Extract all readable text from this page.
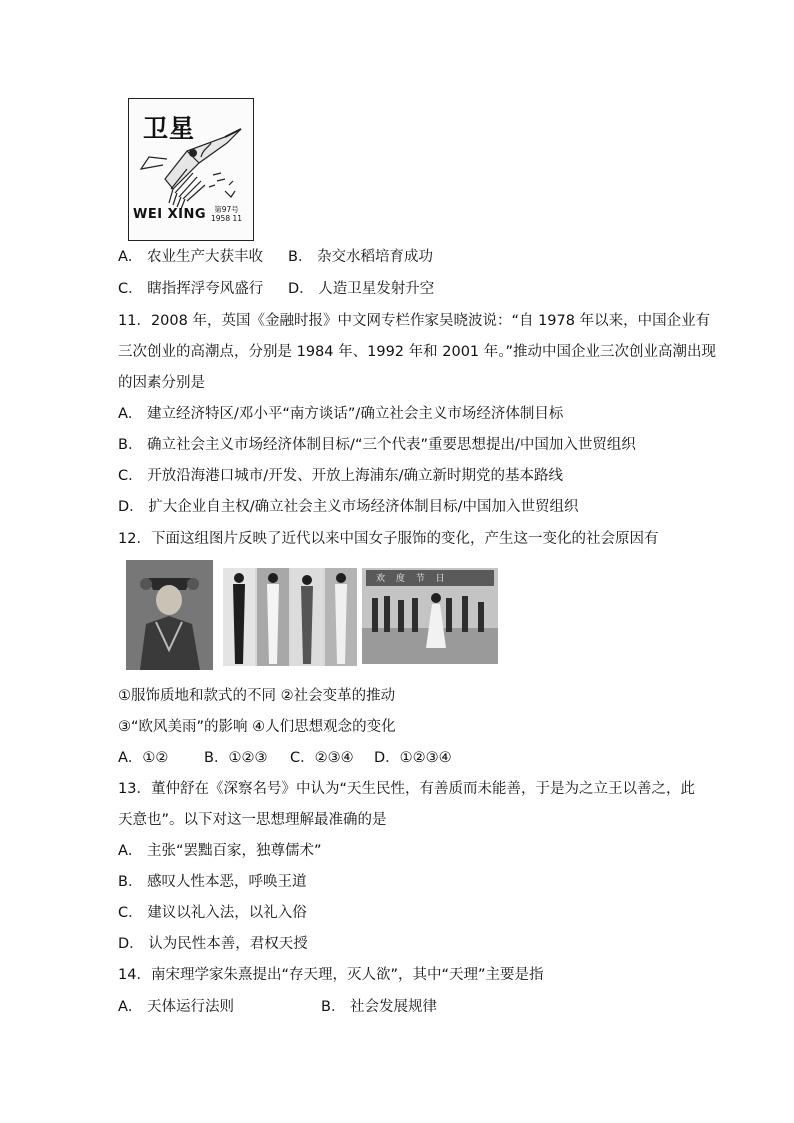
卫星
WEI XING	第97号
1958 11
A． 农业生产大获丰收 B． 杂交水稻培育成功
C． 瞎指挥浮夸风盛行 D． 人造卫星发射升空
11．2008 年，英国《金融时报》中文网专栏作家吴晓波说：“自 1978 年以来，中国企业有
三次创业的高潮点，分别是 1984 年、1992 年和 2001 年。”推动中国企业三次创业高潮出现
的因素分别是
A． 建立经济特区/邓小平“南方谈话”/确立社会主义市场经济体制目标
B． 确立社会主义市场经济体制目标/“三个代表”重要思想提出/中国加入世贸组织
C． 开放沿海港口城市/开发、开放上海浦东/确立新时期党的基本路线
D． 扩大企业自主权/确立社会主义市场经济体制目标/中国加入世贸组织
12．下面这组图片反映了近代以来中国女子服饰的变化，产生这一变化的社会原因有
欢 度 节 日
①服饰质地和款式的不同 ②社会变革的推动
③“欧风美雨”的影响 ④人们思想观念的变化
A．①② B．①②③ C．②③④ D．①②③④
13．董仲舒在《深察名号》中认为“天生民性，有善质而未能善，于是为之立王以善之，此
天意也”。以下对这一思想理解最准确的是
A． 主张“罢黜百家，独尊儒术”
B． 感叹人性本恶，呼唤王道
C． 建议以礼入法，以礼入俗
D． 认为民性本善，君权天授
14．南宋理学家朱熹提出“存天理，灭人欲”，其中“天理”主要是指
A． 天体运行法则	B． 社会发展规律
